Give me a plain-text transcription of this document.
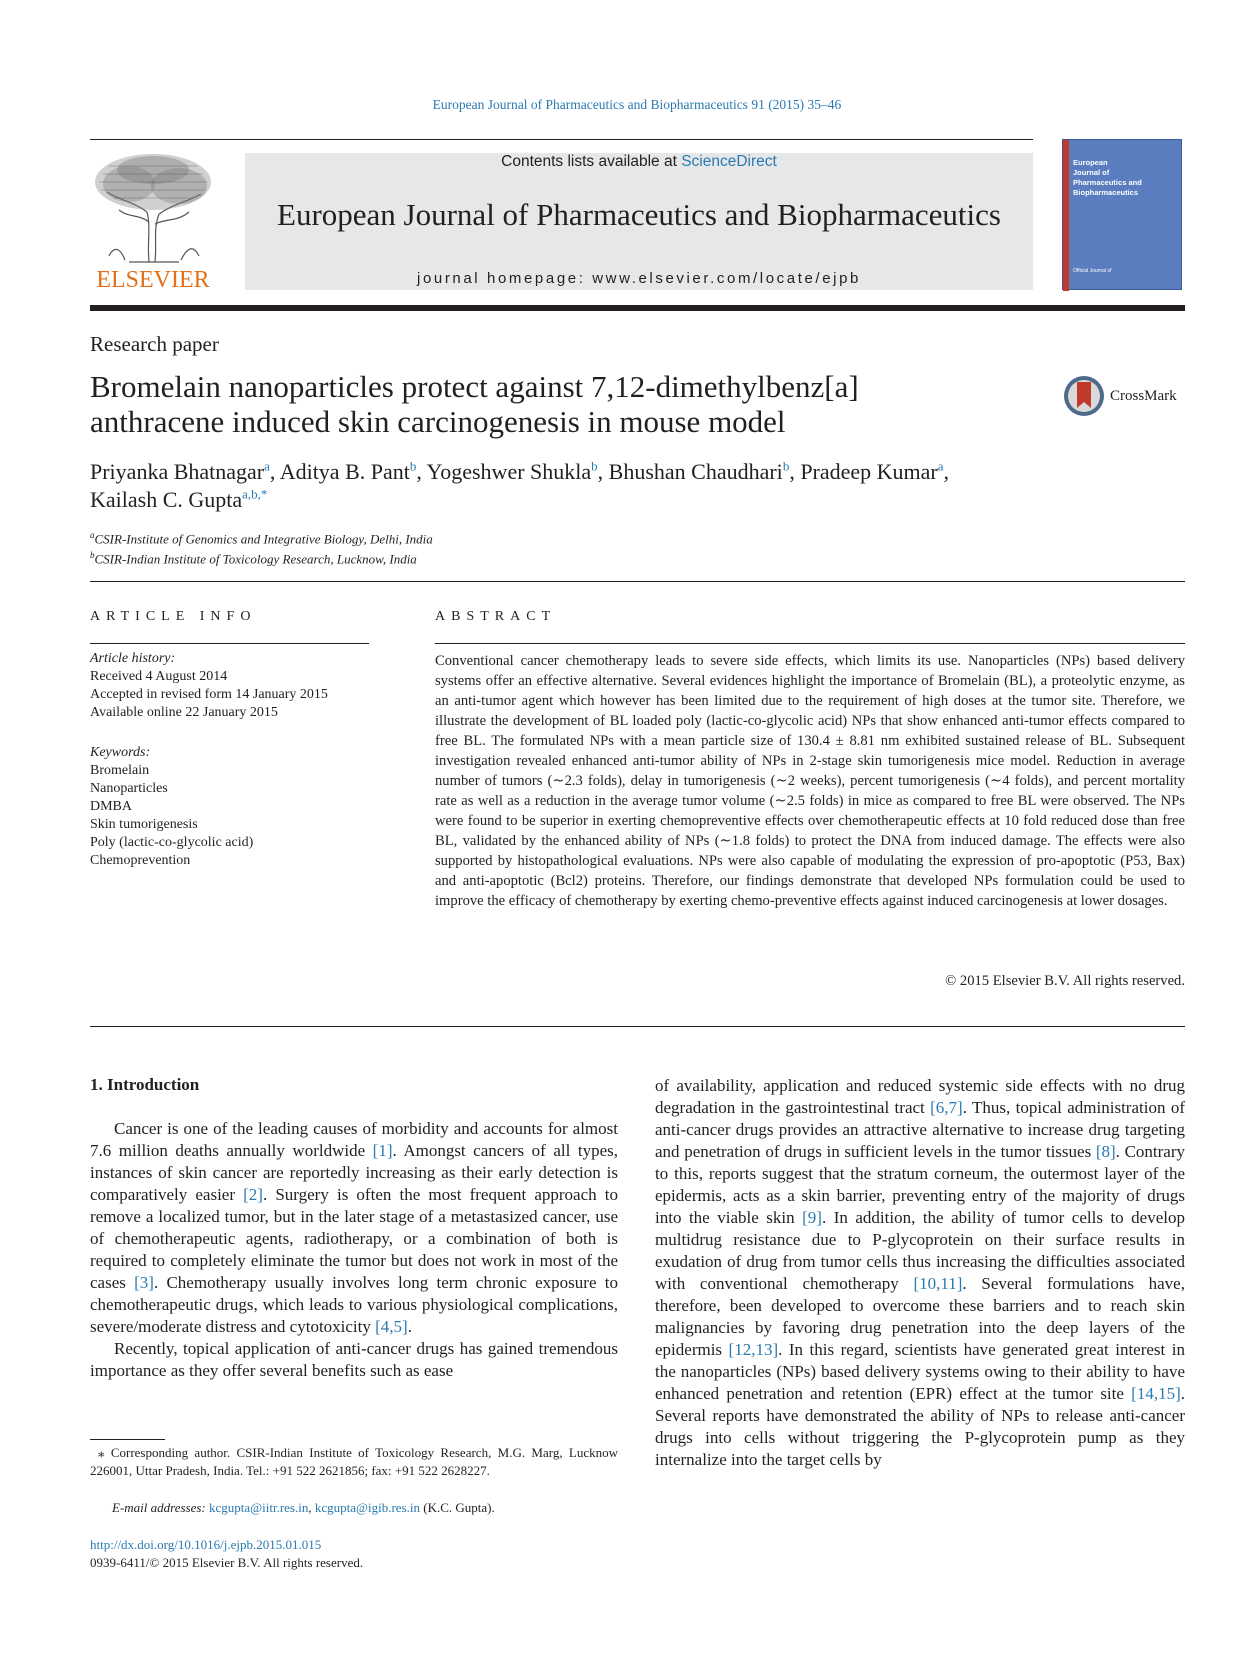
European Journal of Pharmaceutics and Biopharmaceutics 91 (2015) 35–46
ELSEVIER
Contents lists available at ScienceDirect
European Journal of Pharmaceutics and Biopharmaceutics
journal homepage: www.elsevier.com/locate/ejpb
European
Journal of
Pharmaceutics and
Biopharmaceutics
Official Journal of
Research paper
Bromelain nanoparticles protect against 7,12-dimethylbenz[a]
anthracene induced skin carcinogenesis in mouse model
CrossMark
Priyanka Bhatnagar$^a$, Aditya B. Pant$^b$, Yogeshwer Shukla$^b$, Bhushan Chaudhari$^b$, Pradeep Kumar$^a$,
Kailash C. Gupta$^{a,b,*}$
$^a$CSIR-Institute of Genomics and Integrative Biology, Delhi, India
$^b$CSIR-Indian Institute of Toxicology Research, Lucknow, India
ARTICLE INFO
Article history:
Received 4 August 2014
Accepted in revised form 14 January 2015
Available online 22 January 2015
Keywords:
Bromelain
Nanoparticles
DMBA
Skin tumorigenesis
Poly (lactic-co-glycolic acid)
Chemoprevention
ABSTRACT
Conventional cancer chemotherapy leads to severe side effects, which limits its use. Nanoparticles (NPs) based delivery systems offer an effective alternative. Several evidences highlight the importance of Bromelain (BL), a proteolytic enzyme, as an anti-tumor agent which however has been limited due to the requirement of high doses at the tumor site. Therefore, we illustrate the development of BL loaded poly (lactic-co-glycolic acid) NPs that show enhanced anti-tumor effects compared to free BL. The formulated NPs with a mean particle size of 130.4 ± 8.81 nm exhibited sustained release of BL. Subsequent investigation revealed enhanced anti-tumor ability of NPs in 2-stage skin tumorigenesis mice model. Reduction in average number of tumors (∼2.3 folds), delay in tumorigenesis (∼2 weeks), percent tumorigenesis (∼4 folds), and percent mortality rate as well as a reduction in the average tumor volume (∼2.5 folds) in mice as compared to free BL were observed. The NPs were found to be superior in exerting chemopreventive effects over chemotherapeutic effects at 10 fold reduced dose than free BL, validated by the enhanced ability of NPs (∼1.8 folds) to protect the DNA from induced damage. The effects were also supported by histopathological evaluations. NPs were also capable of modulating the expression of pro-apoptotic (P53, Bax) and anti-apoptotic (Bcl2) proteins. Therefore, our findings demonstrate that developed NPs formulation could be used to improve the efficacy of chemotherapy by exerting chemo-preventive effects against induced carcinogenesis at lower dosages.
© 2015 Elsevier B.V. All rights reserved.
1. Introduction

Cancer is one of the leading causes of morbidity and accounts for almost 7.6 million deaths annually worldwide [1]. Amongst cancers of all types, instances of skin cancer are reportedly increasing as their early detection is comparatively easier [2]. Surgery is often the most frequent approach to remove a localized tumor, but in the later stage of a metastasized cancer, use of chemotherapeutic agents, radiotherapy, or a combination of both is required to completely eliminate the tumor but does not work in most of the cases [3]. Chemotherapy usually involves long term chronic exposure to chemotherapeutic drugs, which leads to various physiological complications, severe/moderate distress and cytotoxicity [4,5].

Recently, topical application of anti-cancer drugs has gained tremendous importance as they offer several benefits such as ease

of availability, application and reduced systemic side effects with no drug degradation in the gastrointestinal tract [6,7]. Thus, topical administration of anti-cancer drugs provides an attractive alternative to increase drug targeting and penetration of drugs in sufficient levels in the tumor tissues [8]. Contrary to this, reports suggest that the stratum corneum, the outermost layer of the epidermis, acts as a skin barrier, preventing entry of the majority of drugs into the viable skin [9]. In addition, the ability of tumor cells to develop multidrug resistance due to P-glycoprotein on their surface results in exudation of drug from tumor cells thus increasing the difficulties associated with conventional chemotherapy [10,11]. Several formulations have, therefore, been developed to overcome these barriers and to reach skin malignancies by favoring drug penetration into the deep layers of the epidermis [12,13]. In this regard, scientists have generated great interest in the nanoparticles (NPs) based delivery systems owing to their ability to have enhanced penetration and retention (EPR) effect at the tumor site [14,15]. Several reports have demonstrated the ability of NPs to release anti-cancer drugs into cells without triggering the P-glycoprotein pump as they internalize into the target cells by

⁎ Corresponding author. CSIR-Indian Institute of Toxicology Research, M.G. Marg, Lucknow 226001, Uttar Pradesh, India. Tel.: +91 522 2621856; fax: +91 522 2628227.
E-mail addresses: kcgupta@iitr.res.in, kcgupta@igib.res.in (K.C. Gupta).
http://dx.doi.org/10.1016/j.ejpb.2015.01.015
0939-6411/© 2015 Elsevier B.V. All rights reserved.
